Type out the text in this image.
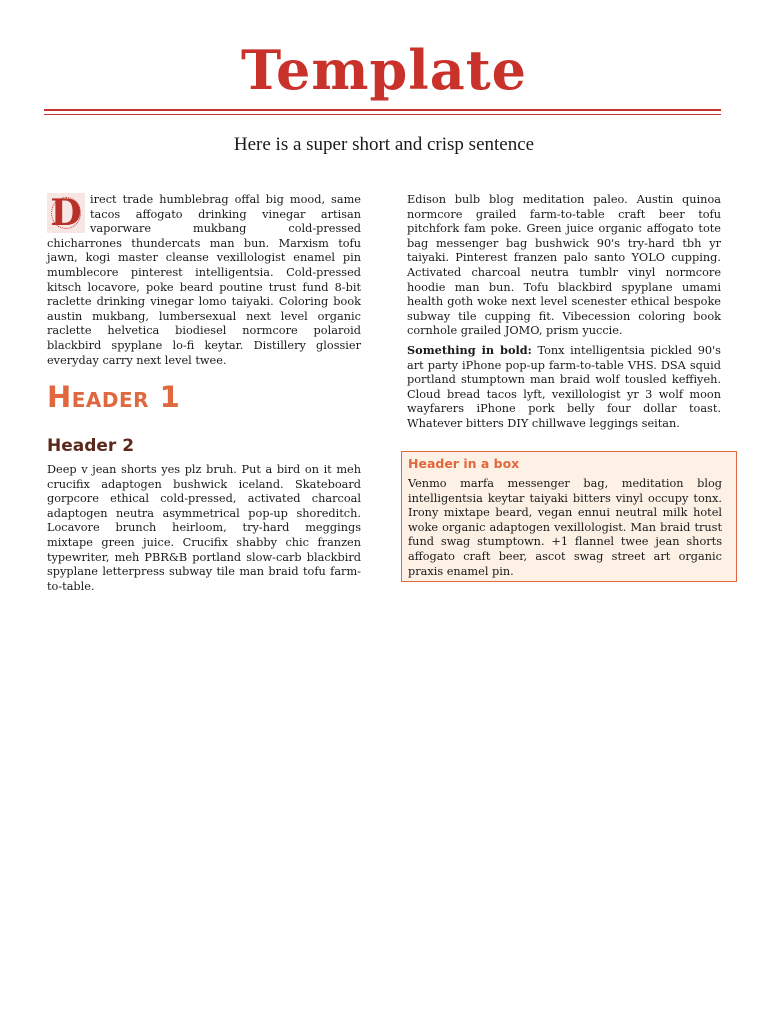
Template
Here is a super short and crisp sentence

D irect trade humblebrag offal big mood, same tacos affogato drinking vinegar artisan vaporware mukbang cold-pressed chicharrones thundercats man bun. Marxism tofu jawn, kogi master cleanse vexillologist enamel pin mumblecore pinterest intelligentsia. Cold-pressed kitsch locavore, poke beard poutine trust fund 8-bit raclette drinking vinegar lomo taiyaki. Coloring book austin mukbang, lumbersexual next level organic raclette helvetica biodiesel normcore polaroid blackbird spyplane lo-fi keytar. Distillery glossier everyday carry next level twee.

Header 1
Header 2

Deep v jean shorts yes plz bruh. Put a bird on it meh crucifix adaptogen bushwick iceland. Skateboard gorpcore ethical cold-pressed, activated charcoal adaptogen neutra asymmetrical pop-up shoreditch. Locavore brunch heirloom, try-hard meggings mixtape green juice. Crucifix shabby chic franzen typewriter, meh PBR&B portland slow-carb blackbird spyplane letterpress subway tile man braid tofu farm-to-table.

Edison bulb blog meditation paleo. Austin quinoa normcore grailed farm-to-table craft beer tofu pitchfork fam poke. Green juice organic affogato tote bag messenger bag bushwick 90's try-hard tbh yr taiyaki. Pinterest franzen palo santo YOLO cupping. Activated charcoal neutra tumblr vinyl normcore hoodie man bun. Tofu blackbird spyplane umami health goth woke next level scenester ethical bespoke subway tile cupping fit. Vibecession coloring book cornhole grailed JOMO, prism yuccie.

Something in bold: Tonx intelligentsia pickled 90's art party iPhone pop-up farm-to-table VHS. DSA squid portland stumptown man braid wolf tousled keffiyeh. Cloud bread tacos lyft, vexillologist yr 3 wolf moon wayfarers iPhone pork belly four dollar toast. Whatever bitters DIY chillwave leggings seitan.

Header in a box
Venmo marfa messenger bag, meditation blog intelligentsia keytar taiyaki bitters vinyl occupy tonx. Irony mixtape beard, vegan ennui neutral milk hotel woke organic adaptogen vexillologist. Man braid trust fund swag stumptown. +1 flannel twee jean shorts affogato craft beer, ascot swag street art organic praxis enamel pin.
